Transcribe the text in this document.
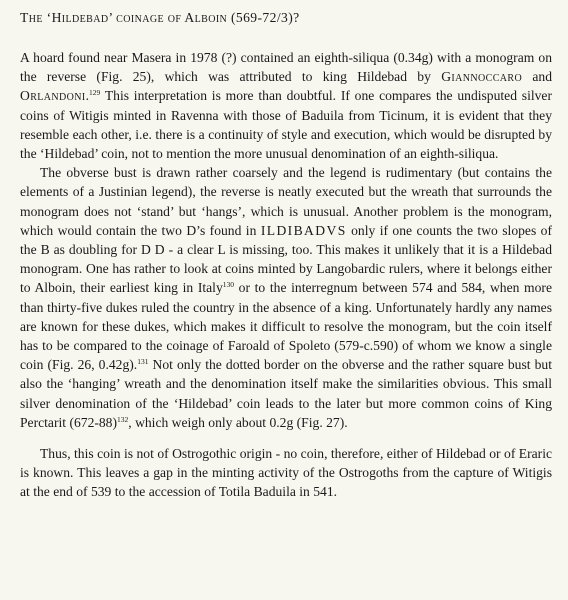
The ‘Hildebad’ coinage of Alboin (569-72/3)?

A hoard found near Masera in 1978 (?) contained an eighth-siliqua (0.34g) with a monogram on the reverse (Fig. 25), which was attributed to king Hildebad by Giannoccaro and Orlandoni.$^{129}$ This interpretation is more than doubtful. If one compares the undisputed silver coins of Witigis minted in Ravenna with those of Baduila from Ticinum, it is evident that they resemble each other, i.e. there is a continuity of style and execution, which would be disrupted by the ‘Hildebad’ coin, not to mention the more unusual denomination of an eighth-siliqua.

The obverse bust is drawn rather coarsely and the legend is rudimentary (but contains the elements of a Justinian legend), the reverse is neatly executed but the wreath that surrounds the monogram does not ‘stand’ but ‘hangs’, which is unusual. Another problem is the monogram, which would contain the two D’s found in ILDIBADVS only if one counts the two slopes of the B as doubling for D D - a clear L is missing, too. This makes it unlikely that it is a Hildebad monogram. One has rather to look at coins minted by Langobardic rulers, where it belongs either to Alboin, their earliest king in Italy$^{130}$ or to the interregnum between 574 and 584, when more than thirty-five dukes ruled the country in the absence of a king. Unfortunately hardly any names are known for these dukes, which makes it difficult to resolve the monogram, but the coin itself has to be compared to the coinage of Faroald of Spoleto (579-c.590) of whom we know a single coin (Fig. 26, 0.42g).$^{131}$ Not only the dotted border on the obverse and the rather square bust but also the ‘hanging’ wreath and the denomination itself make the similarities obvious. This small silver denomination of the ‘Hildebad’ coin leads to the later but more common coins of King Perctarit $(672-88)^{132}$, which weigh only about 0.2g (Fig. 27).

Thus, this coin is not of Ostrogothic origin - no coin, therefore, either of Hildebad or of Eraric is known. This leaves a gap in the minting activity of the Ostrogoths from the capture of Witigis at the end of 539 to the accession of Totila Baduila in 541.
